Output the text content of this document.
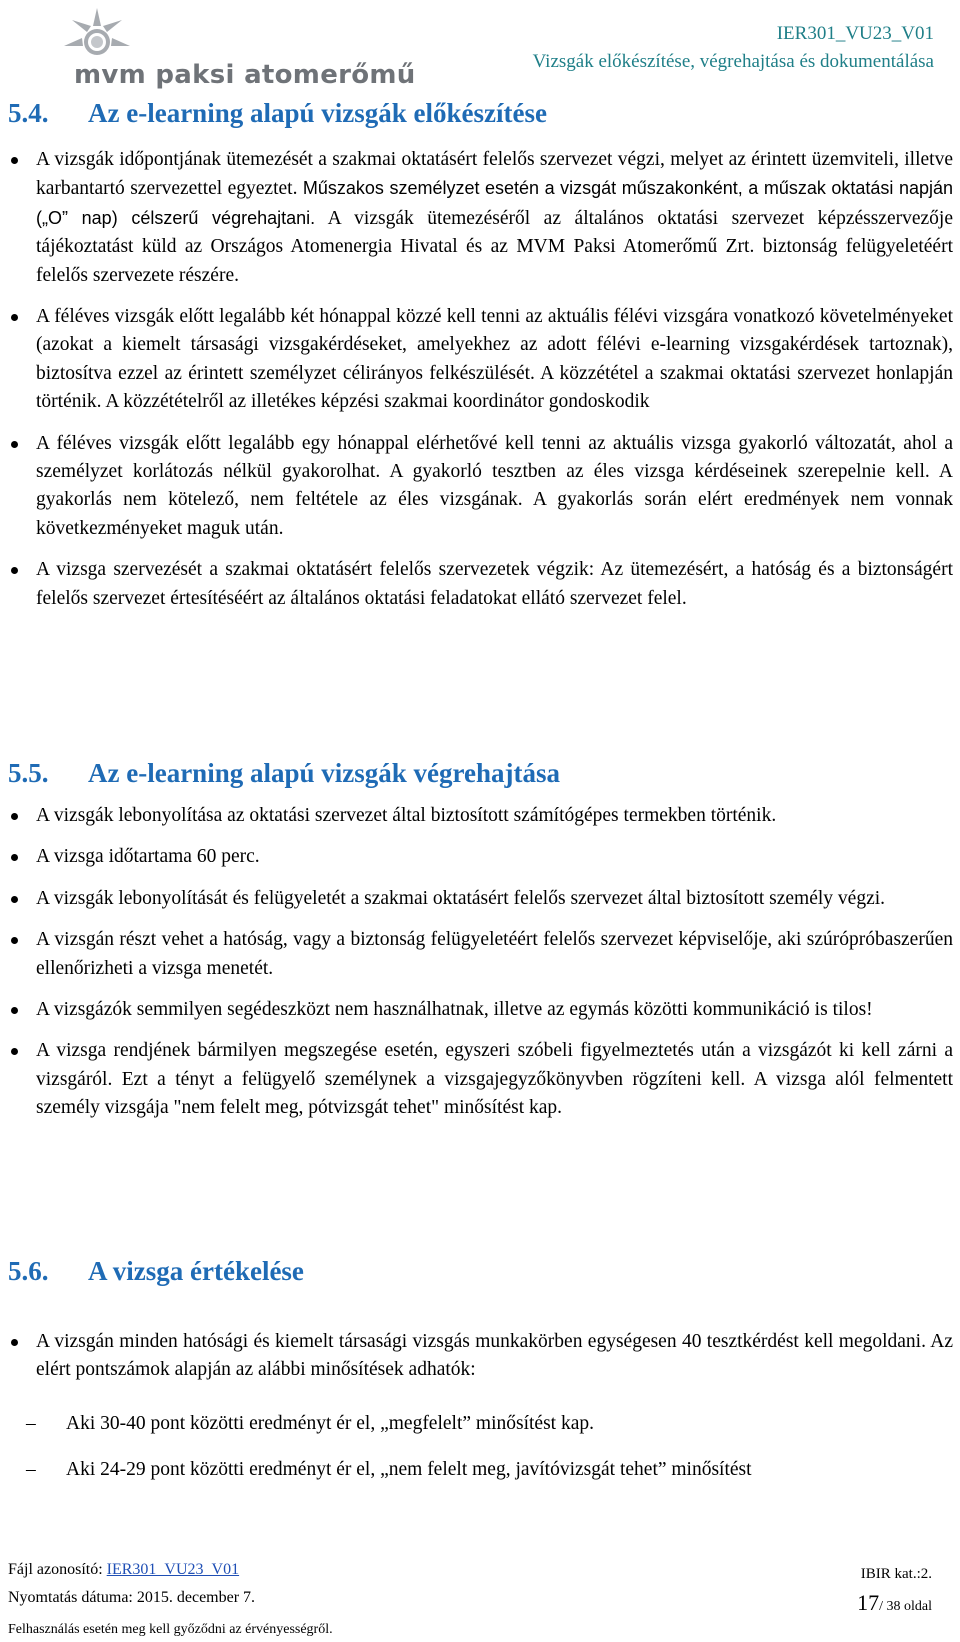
mvm paksi atomerőmű
IER301_VU23_V01
Vizsgák előkészítése, végrehajtása és dokumentálása
5.4. Az e-learning alapú vizsgák előkészítése
A vizsgák időpontjának ütemezését a szakmai oktatásért felelős szervezet végzi, melyet az érintett üzemviteli, illetve karbantartó szervezettel egyeztet. Műszakos személyzet esetén a vizsgát műszakonként, a műszak oktatási napján („O” nap) célszerű végrehajtani. A vizsgák ütemezéséről az általános oktatási szervezet képzésszervezője tájékoztatást küld az Országos Atomenergia Hivatal és az MVM Paksi Atomerőmű Zrt. biztonság felügyeletéért felelős szervezete részére.
A féléves vizsgák előtt legalább két hónappal közzé kell tenni az aktuális félévi vizsgára vonatkozó követelményeket (azokat a kiemelt társasági vizsgakérdéseket, amelyekhez az adott félévi e-learning vizsgakérdések tartoznak), biztosítva ezzel az érintett személyzet célirányos felkészülését. A közzététel a szakmai oktatási szervezet honlapján történik. A közzétételről az illetékes képzési szakmai koordinátor gondoskodik
A féléves vizsgák előtt legalább egy hónappal elérhetővé kell tenni az aktuális vizsga gyakorló változatát, ahol a személyzet korlátozás nélkül gyakorolhat. A gyakorló tesztben az éles vizsga kérdéseinek szerepelnie kell. A gyakorlás nem kötelező, nem feltétele az éles vizsgának. A gyakorlás során elért eredmények nem vonnak következményeket maguk után.
A vizsga szervezését a szakmai oktatásért felelős szervezetek végzik: Az ütemezésért, a hatóság és a biztonságért felelős szervezet értesítéséért az általános oktatási feladatokat ellátó szervezet felel.
5.5. Az e-learning alapú vizsgák végrehajtása
A vizsgák lebonyolítása az oktatási szervezet által biztosított számítógépes termekben történik.
A vizsga időtartama 60 perc.
A vizsgák lebonyolítását és felügyeletét a szakmai oktatásért felelős szervezet által biztosított személy végzi.
A vizsgán részt vehet a hatóság, vagy a biztonság felügyeletéért felelős szervezet képviselője, aki szúrópróbaszerűen ellenőrizheti a vizsga menetét.
A vizsgázók semmilyen segédeszközt nem használhatnak, illetve az egymás közötti kommunikáció is tilos!
A vizsga rendjének bármilyen megszegése esetén, egyszeri szóbeli figyelmeztetés után a vizsgázót ki kell zárni a vizsgáról. Ezt a tényt a felügyelő személynek a vizsgajegyzőkönyvben rögzíteni kell. A vizsga alól felmentett személy vizsgája "nem felelt meg, pótvizsgát tehet" minősítést kap.
5.6. A vizsga értékelése
A vizsgán minden hatósági és kiemelt társasági vizsgás munkakörben egységesen 40 tesztkérdést kell megoldani. Az elért pontszámok alapján az alábbi minősítések adhatók:
– Aki 30-40 pont közötti eredményt ér el, „megfelelt” minősítést kap.
– Aki 24-29 pont közötti eredményt ér el, „nem felelt meg, javítóvizsgát tehet” minősítést
Fájl azonosító: IER301_VU23_V01
Nyomtatás dátuma: 2015. december 7.
Felhasználás esetén meg kell győződni az érvényességről.
IBIR kat.:2.
17/ 38 oldal
